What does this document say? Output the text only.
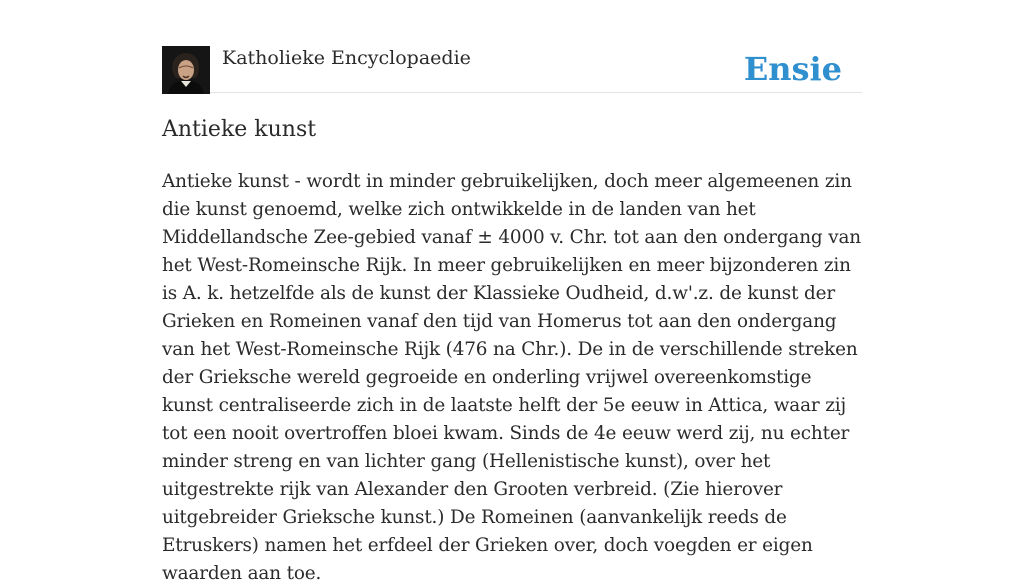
Katholieke Encyclopaedie	Ensie
Antieke kunst

Antieke kunst - wordt in minder gebruikelijken, doch meer algemeenen zin die kunst genoemd, welke zich ontwikkelde in de landen van het Middellandsche Zee-gebied vanaf ± 4000 v. Chr. tot aan den ondergang van het West-Romeinsche Rijk. In meer gebruikelijken en meer bijzonderen zin is A. k. hetzelfde als de kunst der Klassieke Oudheid, d.w'.z. de kunst der Grieken en Romeinen vanaf den tijd van Homerus tot aan den ondergang van het West-Romeinsche Rijk (476 na Chr.). De in de verschillende streken der Grieksche wereld gegroeide en onderling vrijwel overeenkomstige kunst centraliseerde zich in de laatste helft der 5e eeuw in Attica, waar zij tot een nooit overtroffen bloei kwam. Sinds de 4e eeuw werd zij, nu echter minder streng en van lichter gang (Hellenistische kunst), over het uitgestrekte rijk van Alexander den Grooten verbreid. (Zie hierover uitgebreider Grieksche kunst.) De Romeinen (aanvankelijk reeds de Etruskers) namen het erfdeel der Grieken over, doch voegden er eigen waarden aan toe.
